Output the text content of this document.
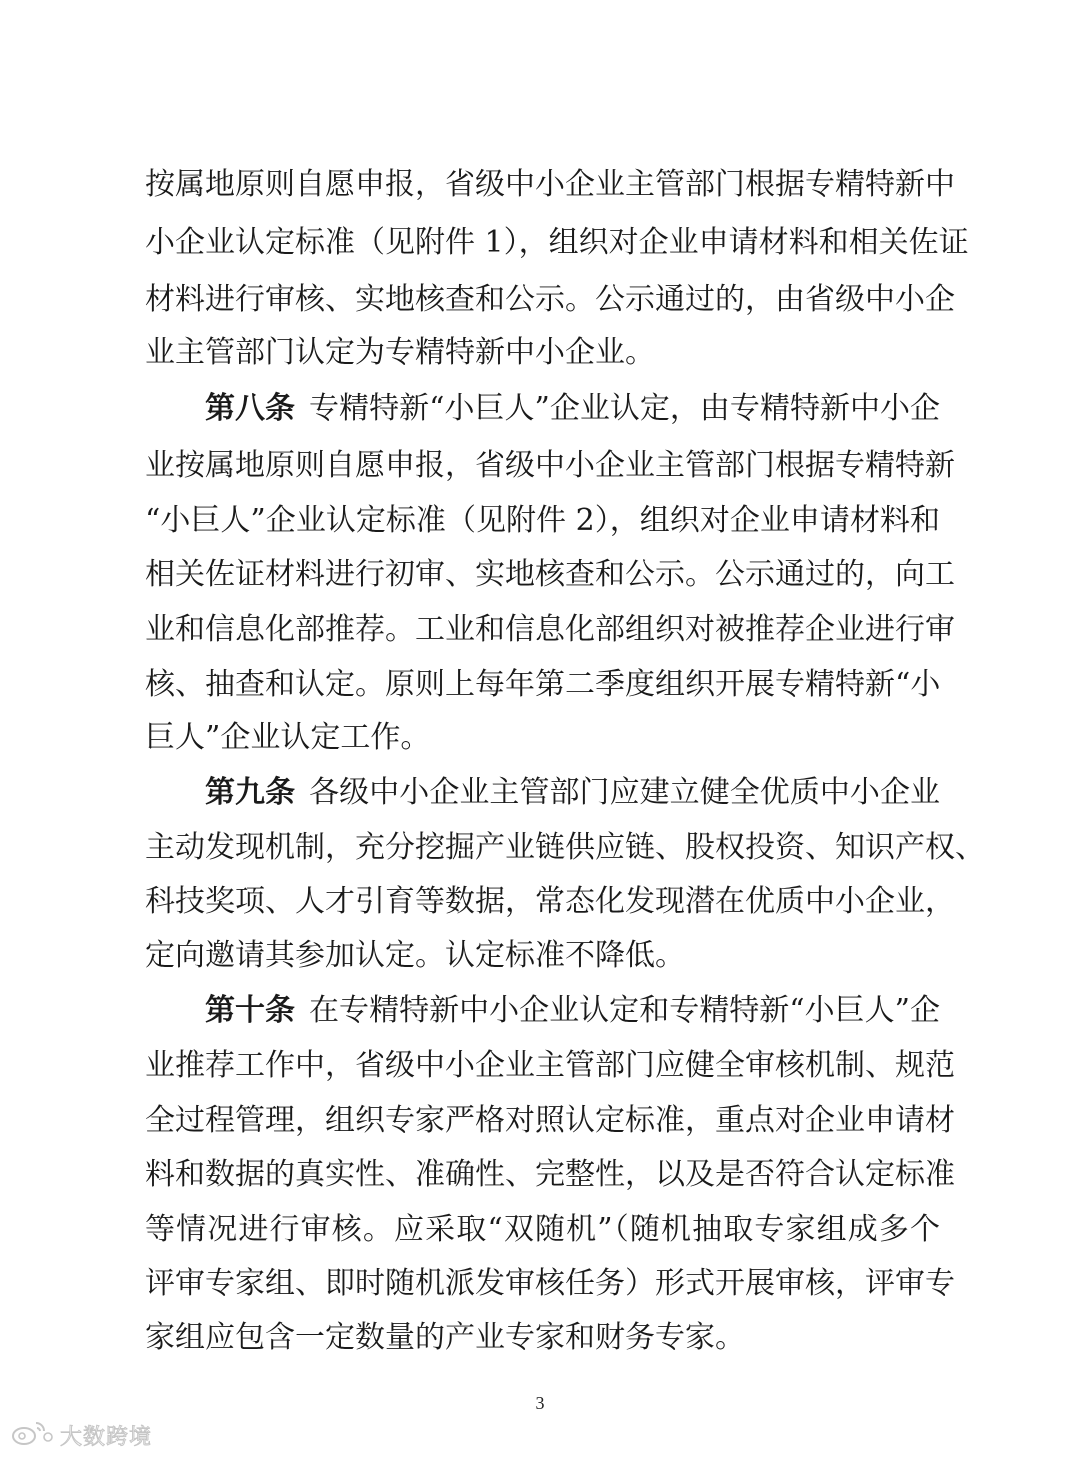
按属地原则自愿申报，省级中小企业主管部门根据专精特新中
小企业认定标准（见附件 1），组织对企业申请材料和相关佐证
材料进行审核、实地核查和公示。公示通过的，由省级中小企
业主管部门认定为专精特新中小企业。
第八条 专精特新“小巨人”企业认定，由专精特新中小企
业按属地原则自愿申报，省级中小企业主管部门根据专精特新
“小巨人”企业认定标准（见附件 2），组织对企业申请材料和
相关佐证材料进行初审、实地核查和公示。公示通过的，向工
业和信息化部推荐。工业和信息化部组织对被推荐企业进行审
核、抽查和认定。原则上每年第二季度组织开展专精特新“小
巨人”企业认定工作。
第九条 各级中小企业主管部门应建立健全优质中小企业
主动发现机制，充分挖掘产业链供应链、股权投资、知识产权、
科技奖项、人才引育等数据，常态化发现潜在优质中小企业，
定向邀请其参加认定。认定标准不降低。
第十条 在专精特新中小企业认定和专精特新“小巨人”企
业推荐工作中，省级中小企业主管部门应健全审核机制、规范
全过程管理，组织专家严格对照认定标准，重点对企业申请材
料和数据的真实性、准确性、完整性，以及是否符合认定标准
等情况进行审核。应采取“双随机”（随机抽取专家组成多个
评审专家组、即时随机派发审核任务）形式开展审核，评审专
家组应包含一定数量的产业专家和财务专家。
3
大数跨境
